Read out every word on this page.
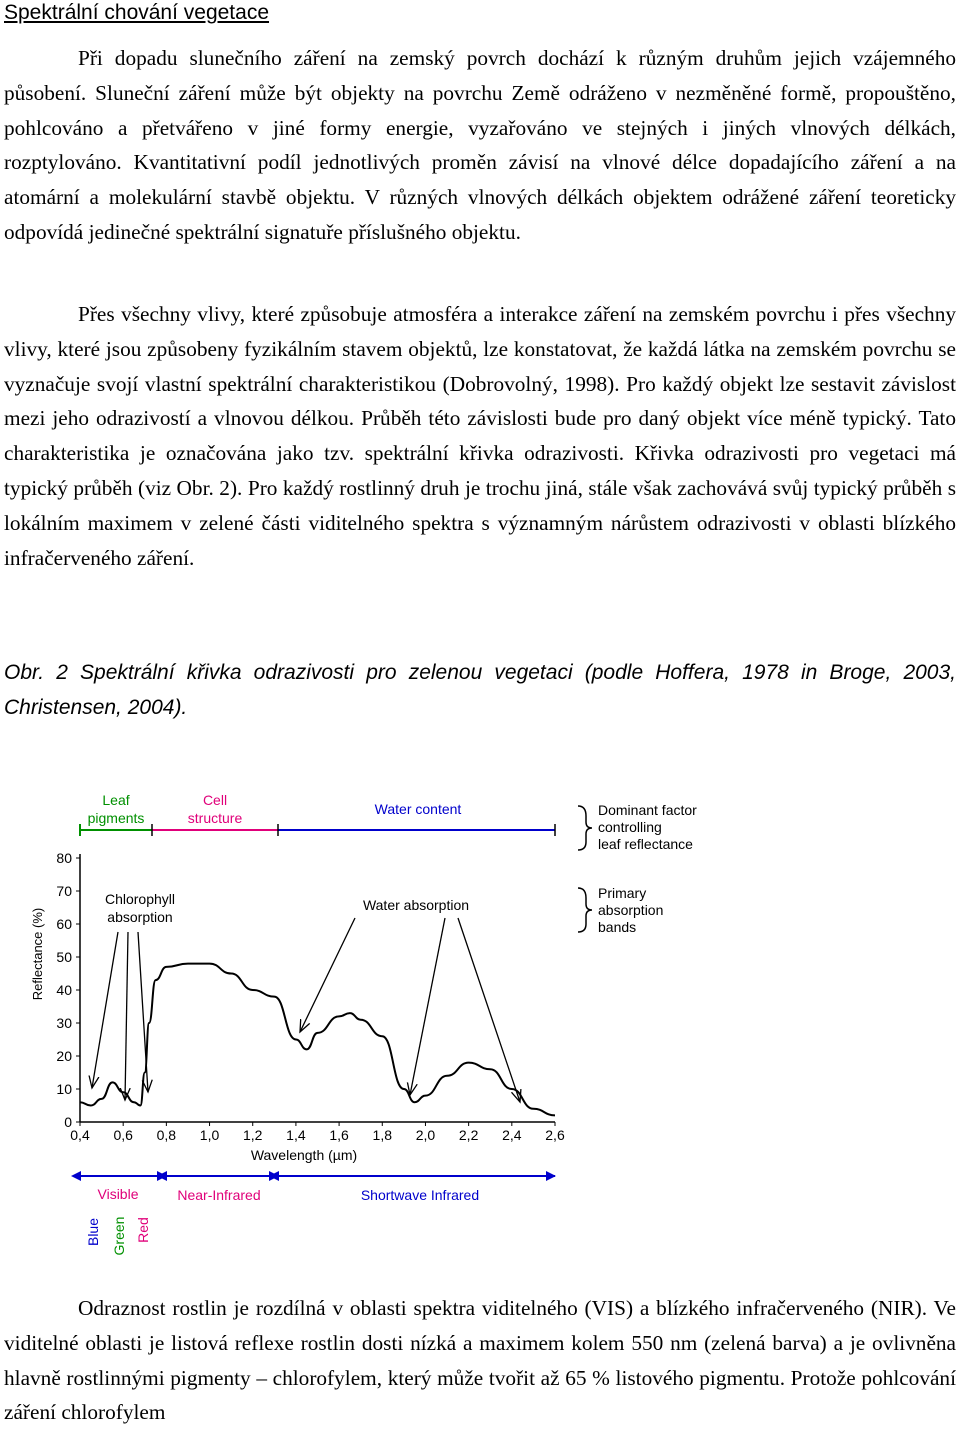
Spektrální chování vegetace

Při dopadu slunečního záření na zemský povrch dochází k různým druhům jejich vzájemného působení. Sluneční záření může být objekty na povrchu Země odráženo v nezměněné formě, propouštěno, pohlcováno a přetvářeno v jiné formy energie, vyzařováno ve stejných i jiných vlnových délkách, rozptylováno. Kvantitativní podíl jednotlivých proměn závisí na vlnové délce dopadajícího záření a na atomární a molekulární stavbě objektu. V různých vlnových délkách objektem odrážené záření teoreticky odpovídá jedinečné spektrální signatuře příslušného objektu.

Přes všechny vlivy, které způsobuje atmosféra a interakce záření na zemském povrchu i přes všechny vlivy, které jsou způsobeny fyzikálním stavem objektů, lze konstatovat, že každá látka na zemském povrchu se vyznačuje svojí vlastní spektrální charakteristikou (Dobrovolný, 1998). Pro každý objekt lze sestavit závislost mezi jeho odrazivostí a vlnovou délkou. Průběh této závislosti bude pro daný objekt více méně typický. Tato charakteristika je označována jako tzv. spektrální křivka odrazivosti. Křivka odrazivosti pro vegetaci má typický průběh (viz Obr. 2). Pro každý rostlinný druh je trochu jiná, stále však zachovává svůj typický průběh s lokálním maximem v zelené části viditelného spektra s významným nárůstem odrazivosti v oblasti blízkého infračerveného záření.

Obr. 2 Spektrální křivka odrazivosti pro zelenou vegetaci (podle Hoffera, 1978 in Broge, 2003, Christensen, 2004).

Leaf
pigments
Cell
structure
Water content	Dominant factor
controlling
leaf reflectance
Primary
absorption
bands
Chlorophyll
absorption
Water absorption
0
10
20
30
40
50
60
70
80
0,4 0,6 0,8 1,0 1,2 1,4 1,6 1,8 2,0 2,2 2,4 2,6
Reflectance (%)
Wavelength (µm)
Visible	Near-Infrared	Shortwave Infrared
Blue Green Red

Odraznost rostlin je rozdílná v oblasti spektra viditelného (VIS) a blízkého infračerveného (NIR). Ve viditelné oblasti je listová reflexe rostlin dosti nízká a maximem kolem 550 nm (zelená barva) a je ovlivněna hlavně rostlinnými pigmenty – chlorofylem, který může tvořit až 65 % listového pigmentu. Protože pohlcování záření chlorofylem
